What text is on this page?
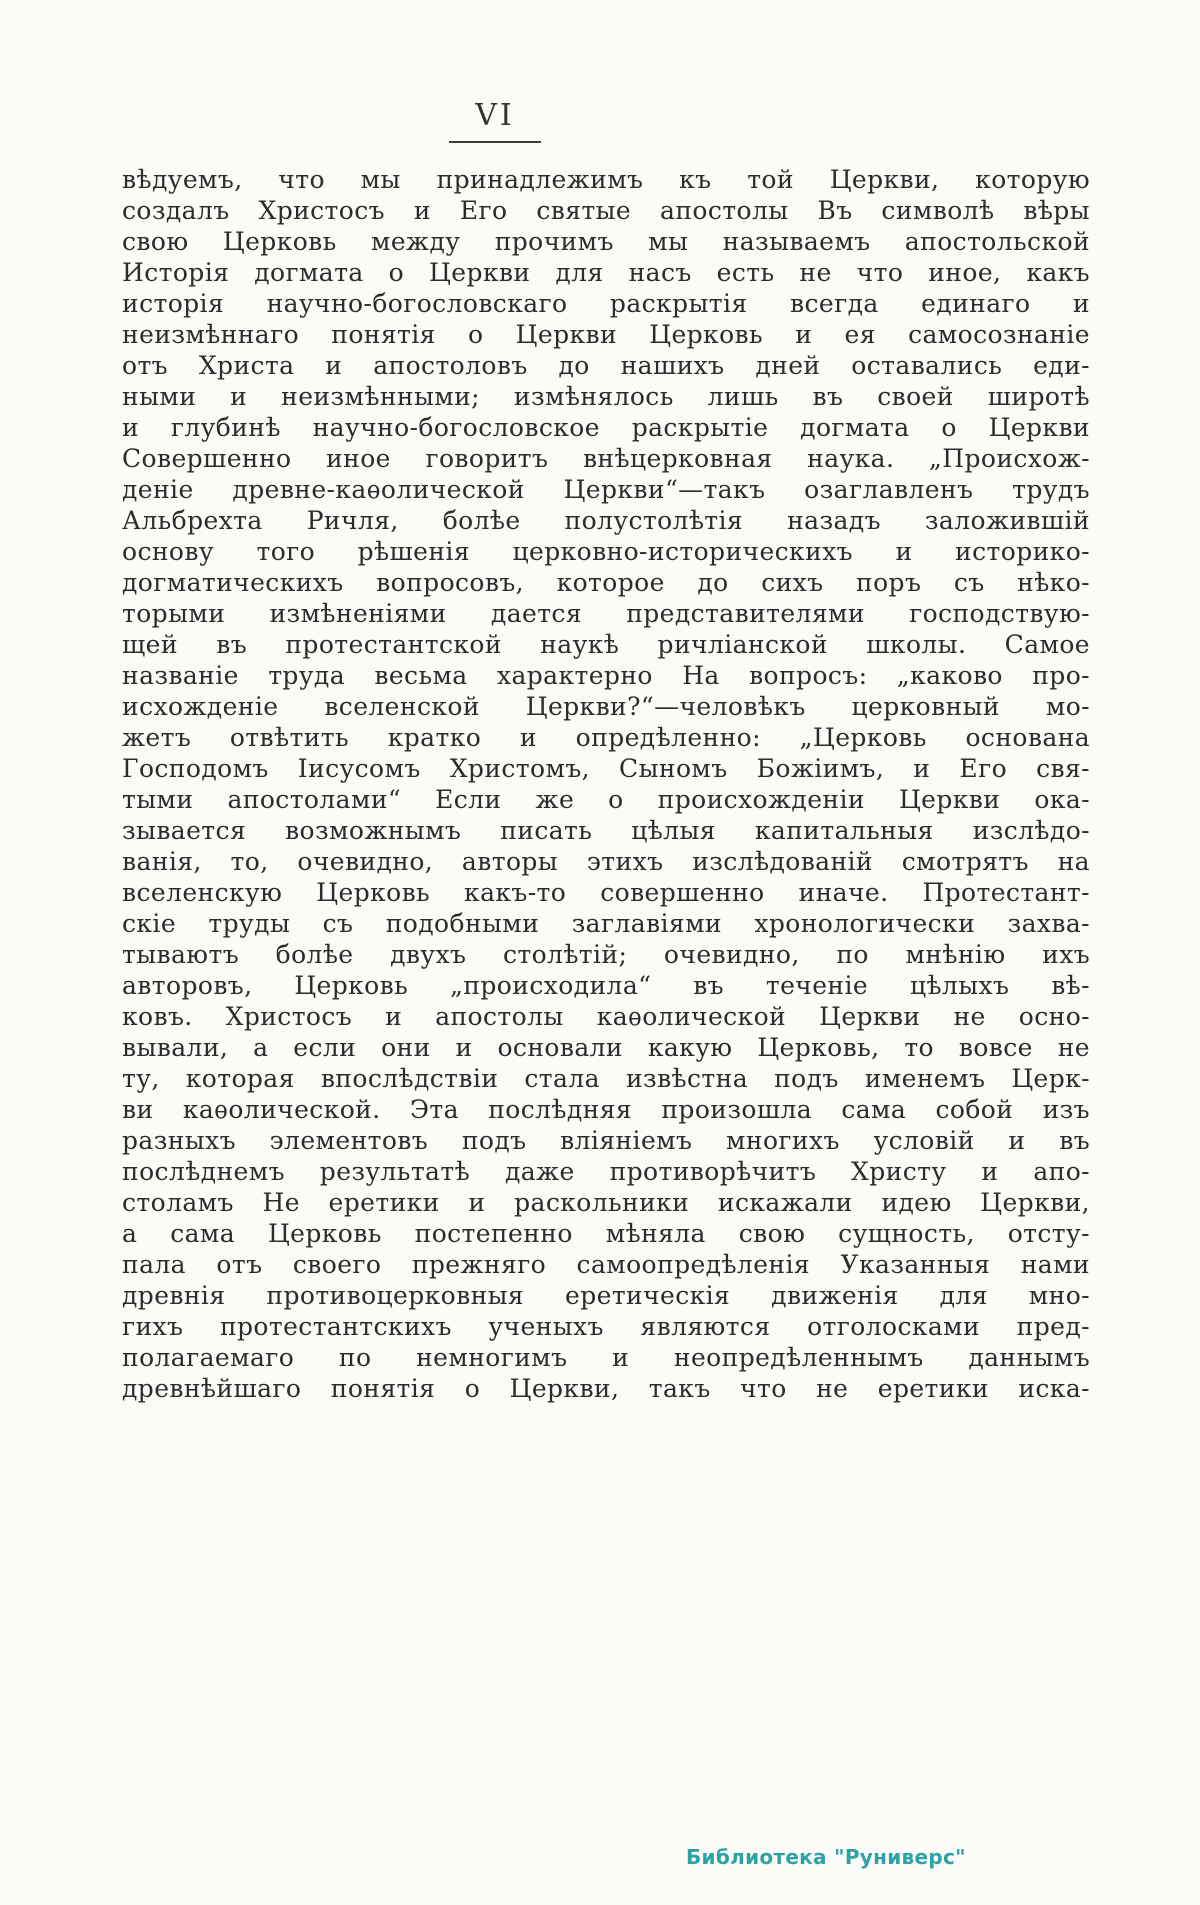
VI
вѣдуемъ, что мы принадлежимъ къ той Церкви, которую
создалъ Христосъ и Его святые апостолы Въ символѣ вѣры
свою Церковь между прочимъ мы называемъ апостольской
Исторія догмата о Церкви для насъ есть не что иное, какъ
исторія научно-богословскаго раскрытія всегда единаго и
неизмѣннаго понятія о Церкви Церковь и ея самосознаніе
отъ Христа и апостоловъ до нашихъ дней оставались еди-
ными и неизмѣнными; измѣнялось лишь въ своей широтѣ
и глубинѣ научно-богословское раскрытіе догмата о Церкви
Совершенно иное говоритъ внѣцерковная наука. „Происхож-
деніе древне-каѳолической Церкви“—такъ озаглавленъ трудъ
Альбрехта Ричля, болѣе полустолѣтія назадъ заложившій
основу того рѣшенія церковно-историческихъ и историко-
догматическихъ вопросовъ, которое до сихъ поръ съ нѣко-
торыми измѣненіями дается представителями господствую-
щей въ протестантской наукѣ ричліанской школы. Самое
названіе труда весьма характерно На вопросъ: „каково про-
исхожденіе вселенской Церкви?“—человѣкъ церковный мо-
жетъ отвѣтить кратко и опредѣленно: „Церковь основана
Господомъ Іисусомъ Христомъ, Сыномъ Божіимъ, и Его свя-
тыми апостолами“ Если же о происхожденіи Церкви ока-
зывается возможнымъ писать цѣлыя капитальныя изслѣдо-
ванія, то, очевидно, авторы этихъ изслѣдованій смотрятъ на
вселенскую Церковь какъ-то совершенно иначе. Протестант-
скіе труды съ подобными заглавіями хронологически захва-
тываютъ болѣе двухъ столѣтій; очевидно, по мнѣнію ихъ
авторовъ, Церковь „происходила“ въ теченіе цѣлыхъ вѣ-
ковъ. Христосъ и апостолы каѳолической Церкви не осно-
вывали, а если они и основали какую Церковь, то вовсе не
ту, которая впослѣдствіи стала извѣстна подъ именемъ Церк-
ви каѳолической. Эта послѣдняя произошла сама собой изъ
разныхъ элементовъ подъ вліяніемъ многихъ условій и въ
послѣднемъ результатѣ даже противорѣчитъ Христу и апо-
столамъ Не еретики и раскольники искажали идею Церкви,
а сама Церковь постепенно мѣняла свою сущность, отсту-
пала отъ своего прежняго самоопредѣленія Указанныя нами
древнія противоцерковныя еретическія движенія для мно-
гихъ протестантскихъ ученыхъ являются отголосками пред-
полагаемаго по немногимъ и неопредѣленнымъ даннымъ
древнѣйшаго понятія о Церкви, такъ что не еретики иска-
Библиотека "Руниверс"
